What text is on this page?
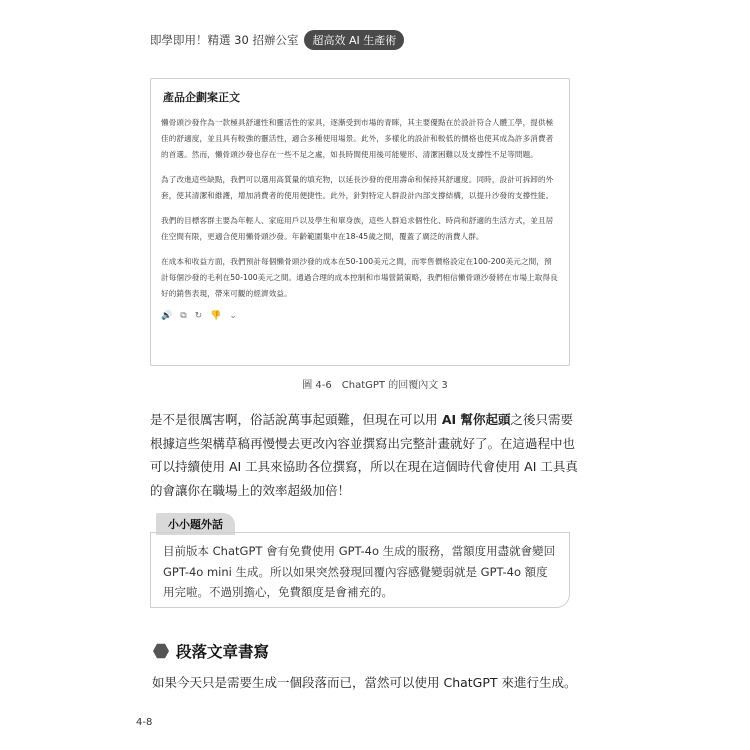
即學即用！精選 30 招辦公室	超高效 AI 生產術
產品企劃案正文

懶骨頭沙發作為一款極具舒適性和靈活性的家具，逐漸受到市場的青睞，其主要優點在於設計符合人體工學，提供極佳的舒適度，並且具有較強的靈活性，適合多種使用場景。此外，多樣化的設計和較低的價格也使其成為許多消費者的首選。然而，懶骨頭沙發也存在一些不足之處，如長時間使用後可能變形、清潔困難以及支撐性不足等問題。

為了改進這些缺點，我們可以選用高質量的填充物，以延長沙發的使用壽命和保持其舒適度。同時，設計可拆卸的外套，使其清潔和維護，增加消費者的使用便捷性。此外，針對特定人群設計內部支撐結構，以提升沙發的支撐性能。

我們的目標客群主要為年輕人、家庭用戶以及學生和單身族，這些人群追求個性化、時尚和舒適的生活方式，並且居住空間有限，更適合使用懶骨頭沙發。年齡範圍集中在18-45歲之間，覆蓋了廣泛的消費人群。

在成本和收益方面，我們預計每個懶骨頭沙發的成本在50-100美元之間，而零售價格設定在100-200美元之間，預計每個沙發的毛利在50-100美元之間。通過合理的成本控制和市場營銷策略，我們相信懶骨頭沙發將在市場上取得良好的銷售表現，帶來可觀的經濟效益。

🔊 ⧉ ↻ 👎 ⌄
圖 4-6　ChatGPT 的回覆內文 3

是不是很厲害啊，俗話說萬事起頭難，但現在可以用 AI 幫你起頭之後只需要根據這些架構草稿再慢慢去更改內容並撰寫出完整計畫就好了。在這過程中也可以持續使用 AI 工具來協助各位撰寫，所以在現在這個時代會使用 AI 工具真的會讓你在職場上的效率超級加倍！

小小題外話

目前版本 ChatGPT 會有免費使用 GPT-4o 生成的服務，當額度用盡就會變回 GPT-4o mini 生成。所以如果突然發現回覆內容感覺變弱就是 GPT-4o 額度用完啦。不過別擔心，免費額度是會補充的。

段落文章書寫

如果今天只是需要生成一個段落而已，當然可以使用 ChatGPT 來進行生成。

4-8
